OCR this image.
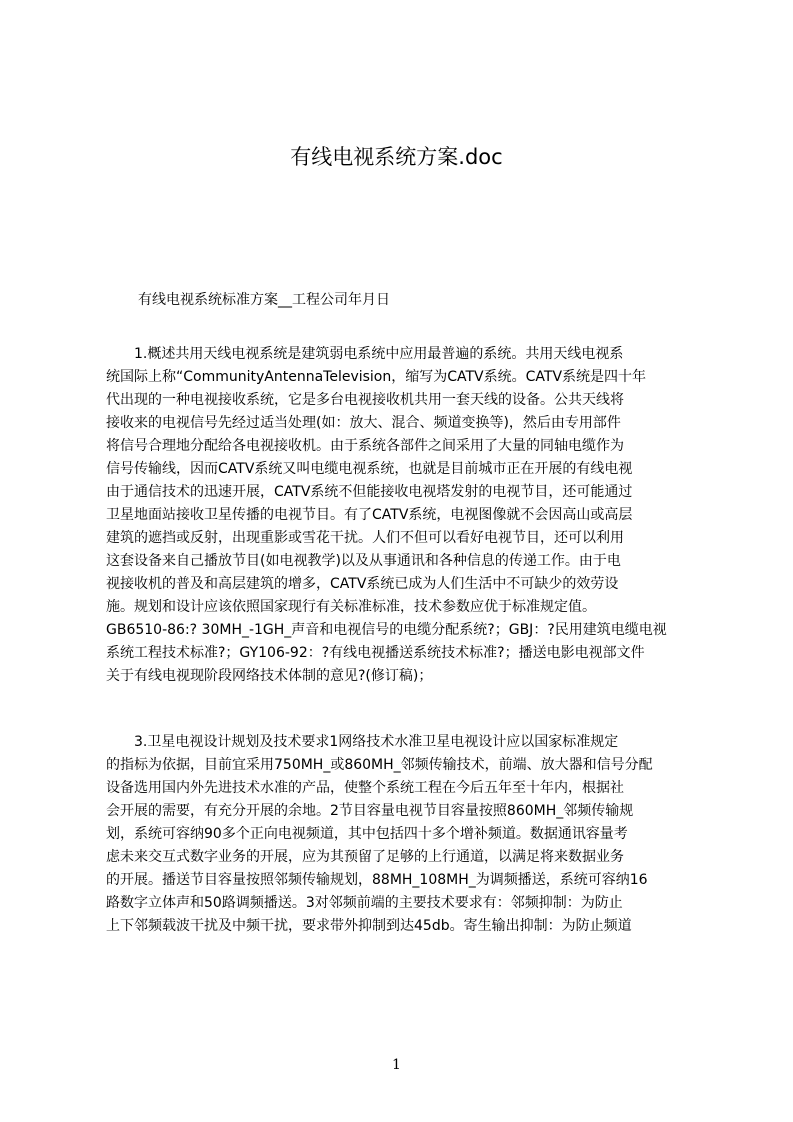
有线电视系统方案.doc
有线电视系统标准方案__工程公司年月日
　　1.概述共用天线电视系统是建筑弱电系统中应用最普遍的系统。共用天线电视系
统国际上称“CommunityAntennaTelevision，缩写为CATV系统。CATV系统是四十年
代出现的一种电视接收系统，它是多台电视接收机共用一套天线的设备。公共天线将
接收来的电视信号先经过适当处理(如：放大、混合、频道变换等)，然后由专用部件
将信号合理地分配给各电视接收机。由于系统各部件之间采用了大量的同轴电缆作为
信号传输线，因而CATV系统又叫电缆电视系统，也就是目前城市正在开展的有线电视
由于通信技术的迅速开展，CATV系统不但能接收电视塔发射的电视节目，还可能通过
卫星地面站接收卫星传播的电视节目。有了CATV系统，电视图像就不会因高山或高层
建筑的遮挡或反射，出现重影或雪花干扰。人们不但可以看好电视节目，还可以利用
这套设备来自己播放节目(如电视教学)以及从事通讯和各种信息的传递工作。由于电
视接收机的普及和高层建筑的增多，CATV系统已成为人们生活中不可缺少的效劳设
施。规划和设计应该依照国家现行有关标准标准，技术参数应优于标准规定值。
GB6510-86:? 30MH_-1GH_声音和电视信号的电缆分配系统?；GBJ：?民用建筑电缆电视
系统工程技术标准?；GY106-92：?有线电视播送系统技术标准?；播送电影电视部文件
关于有线电视现阶段网络技术体制的意见?(修订稿)；
　　3.卫星电视设计规划及技术要求1网络技术水准卫星电视设计应以国家标准规定
的指标为依据，目前宜采用750MH_或860MH_邻频传输技术，前端、放大器和信号分配
设备选用国内外先进技术水准的产品，使整个系统工程在今后五年至十年内，根据社
会开展的需要，有充分开展的余地。2节目容量电视节目容量按照860MH_邻频传输规
划，系统可容纳90多个正向电视频道，其中包括四十多个增补频道。数据通讯容量考
虑未来交互式数字业务的开展，应为其预留了足够的上行通道，以满足将来数据业务
的开展。播送节目容量按照邻频传输规划，88MH_108MH_为调频播送，系统可容纳16
路数字立体声和50路调频播送。3对邻频前端的主要技术要求有：邻频抑制：为防止
上下邻频载波干扰及中频干扰，要求带外抑制到达45db。寄生输出抑制：为防止频道
1
